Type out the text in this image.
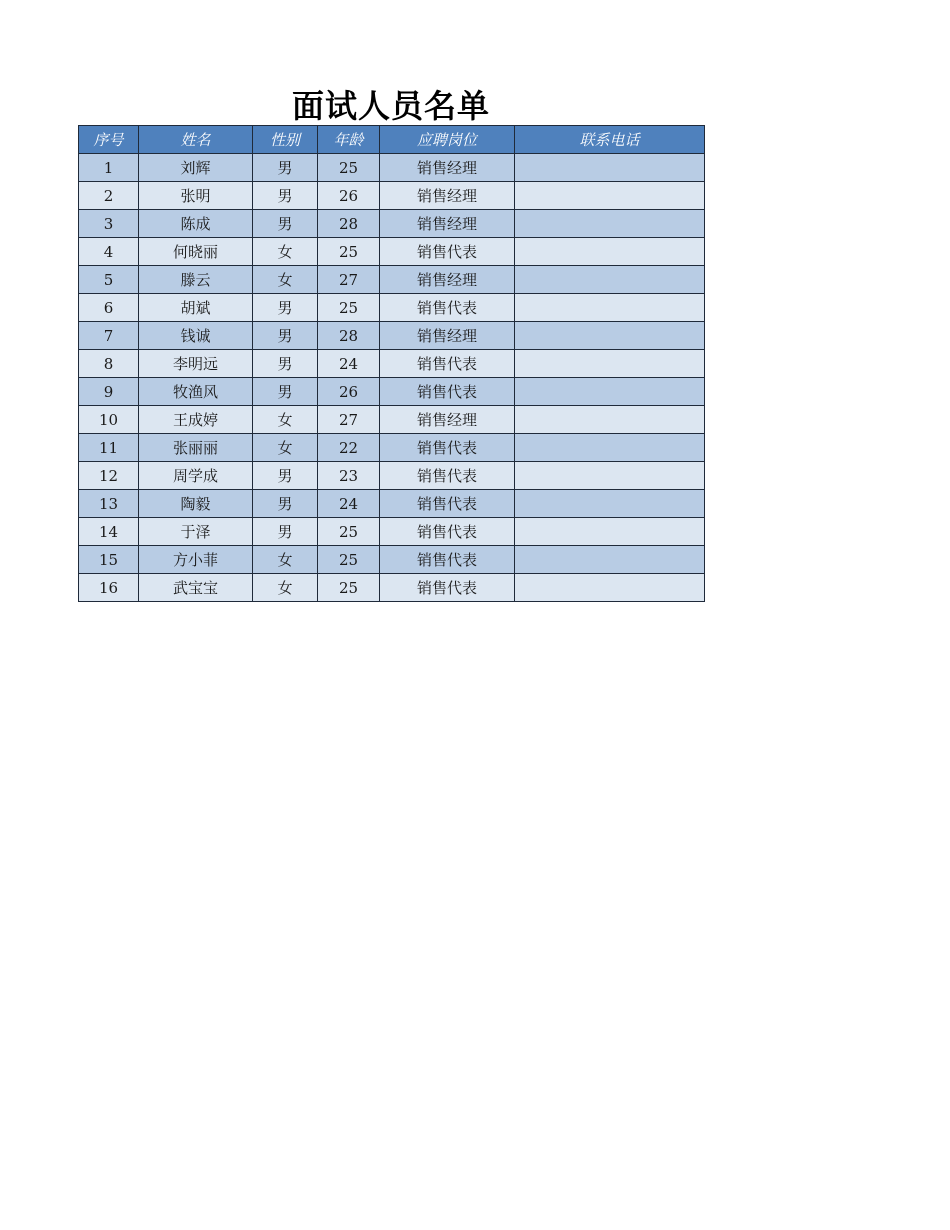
面试人员名单
序号	姓名	性别	年龄	应聘岗位	联系电话
1	刘辉	男	25	销售经理	
2	张明	男	26	销售经理	
3	陈成	男	28	销售经理	
4	何晓丽	女	25	销售代表	
5	滕云	女	27	销售经理	
6	胡斌	男	25	销售代表	
7	钱诚	男	28	销售经理	
8	李明远	男	24	销售代表	
9	牧渔风	男	26	销售代表	
10	王成婷	女	27	销售经理	
11	张丽丽	女	22	销售代表	
12	周学成	男	23	销售代表	
13	陶毅	男	24	销售代表	
14	于泽	男	25	销售代表	
15	方小菲	女	25	销售代表	
16	武宝宝	女	25	销售代表	
